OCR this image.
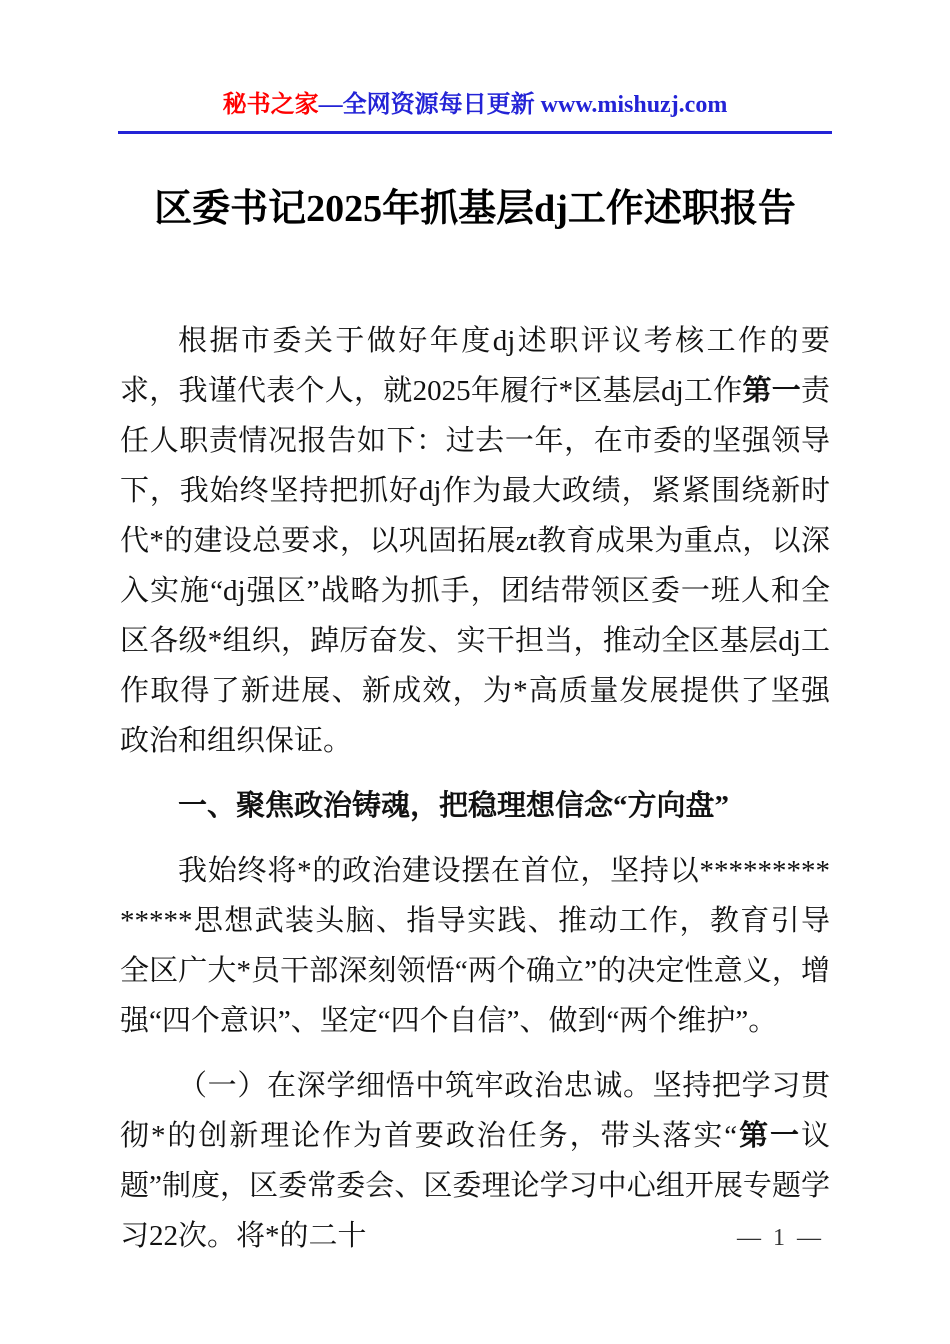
秘书之家—全网资源每日更新 www.mishuzj.com
区委书记2025年抓基层dj工作述职报告

根据市委关于做好年度dj述职评议考核工作的要求，我谨代表个人，就2025年履行*区基层dj工作第一责任人职责情况报告如下：过去一年，在市委的坚强领导下，我始终坚持把抓好dj作为最大政绩，紧紧围绕新时代*的建设总要求，以巩固拓展zt教育成果为重点，以深入实施“dj强区”战略为抓手，团结带领区委一班人和全区各级*组织，踔厉奋发、实干担当，推动全区基层dj工作取得了新进展、新成效，为*高质量发展提供了坚强政治和组织保证。

一、聚焦政治铸魂，把稳理想信念“方向盘”

我始终将*的政治建设摆在首位，坚持以**************思想武装头脑、指导实践、推动工作，教育引导全区广大*员干部深刻领悟“两个确立”的决定性意义，增强“四个意识”、坚定“四个自信”、做到“两个维护”。

（一）在深学细悟中筑牢政治忠诚。坚持把学习贯彻*的创新理论作为首要政治任务，带头落实“第一议题”制度，区委常委会、区委理论学习中心组开展专题学习22次。将*的二十	— 1 —
